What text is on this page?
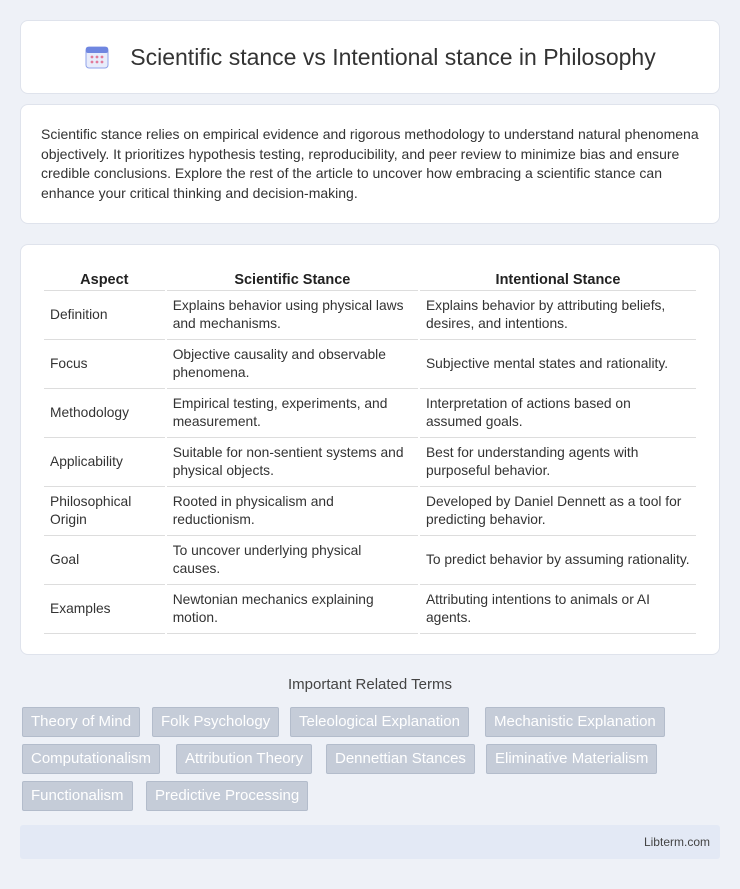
Scientific stance vs Intentional stance in Philosophy

Scientific stance relies on empirical evidence and rigorous methodology to understand natural phenomena objectively. It prioritizes hypothesis testing, reproducibility, and peer review to minimize bias and ensure credible conclusions. Explore the rest of the article to uncover how embracing a scientific stance can enhance your critical thinking and decision-making.

Aspect	Scientific Stance	Intentional Stance
Definition	Explains behavior using physical laws and mechanisms.	Explains behavior by attributing beliefs, desires, and intentions.
Focus	Objective causality and observable phenomena.	Subjective mental states and rationality.
Methodology	Empirical testing, experiments, and measurement.	Interpretation of actions based on assumed goals.
Applicability	Suitable for non-sentient systems and physical objects.	Best for understanding agents with purposeful behavior.
Philosophical Origin	Rooted in physicalism and reductionism.	Developed by Daniel Dennett as a tool for predicting behavior.
Goal	To uncover underlying physical causes.	To predict behavior by assuming rationality.
Examples	Newtonian mechanics explaining motion.	Attributing intentions to animals or AI agents.
Important Related Terms
Theory of Mind	Folk Psychology	Teleological Explanation	Mechanistic Explanation
Computationalism	Attribution Theory	Dennettian Stances	Eliminative Materialism
Functionalism	Predictive Processing
Libterm.com
